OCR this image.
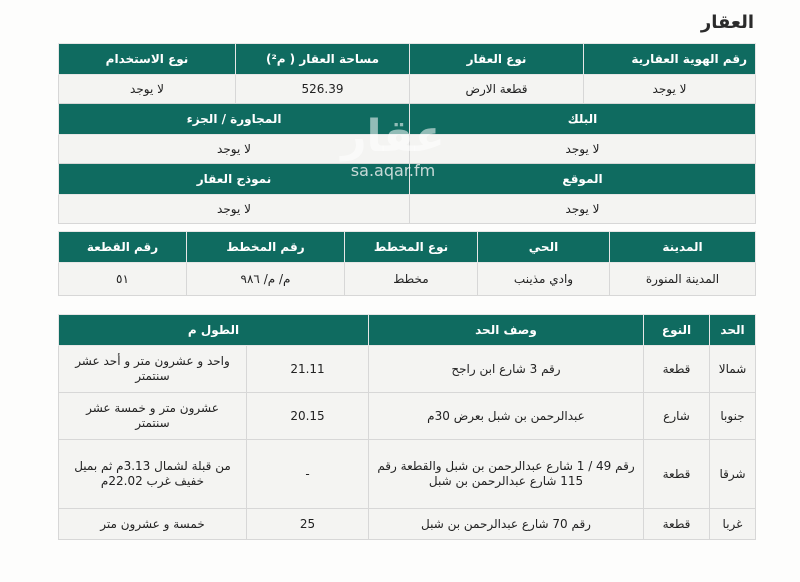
العقار
رقم الهوية العقارية	نوع العقار	مساحة العقار ( م²)	نوع الاستخدام
لا يوجد	قطعة الارض	526.39	لا يوجد
البلك		المجاورة / الجزء	
لا يوجد		لا يوجد	
الموقع		نموذج العقار	
لا يوجد		لا يوجد	
المدينة	الحي	نوع المخطط	رقم المخطط	رقم القطعة
المدينة المنورة	وادي مذينب	مخطط	م/ م/ ٩٨٦	٥١
الحد	النوع	وصف الحد	الطول م	
شمالا	قطعة	رقم 3 شارع ابن راجح	21.11	واحد و عشرون متر و أحد عشر سنتمتر
جنوبا	شارع	عبدالرحمن بن شبل بعرض 30م	20.15	عشرون متر و خمسة عشر سنتمتر
شرقا	قطعة	رقم 49 / 1 شارع عبدالرحمن بن شبل والقطعة رقم 115 شارع عبدالرحمن بن شبل	-	من قبلة لشمال 3.13م ثم بميل خفيف غرب 22.02م
غربا	قطعة	رقم 70 شارع عبدالرحمن بن شبل	25	خمسة و عشرون متر
عقار
sa.aqar.fm
